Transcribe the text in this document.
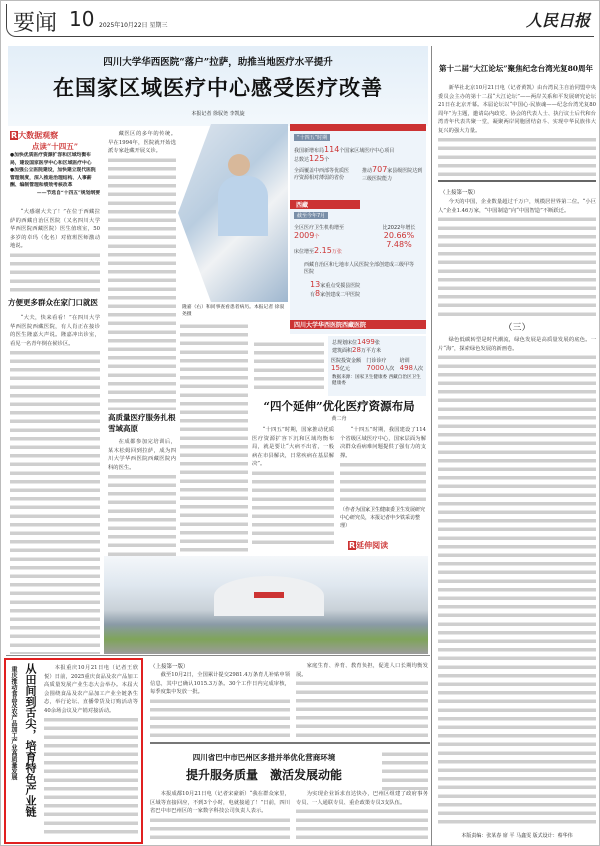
要闻 10 2025年10月22日 星期三	人民日报
四川大学华西医院“落户”拉萨，助推当地医疗水平提升
在国家区域医疗中心感受医疗改善
本报记者 徐驭尧 李凯旋
R大数据观察
点读“十四五”
●加快优质医疗资源扩容和区域均衡布局，建设国家医学中心和区域医疗中心
●加强公立医院建设，加快建立现代医院管理制度，深入推进治理结构、人事薪酬、编制管理和绩效考核改革
——节选自“十四五”规划纲要

“大感谢大夫了！”在位于西藏拉萨的西藏自治区医院（又名四川大学华西医院西藏医院）医生值班室，50多岁的卓玛（化名）对值班医师激动地说。

方便更多群众在家门口就医

“大夫，快来看看！”在四川大学华西医院西藏医院，有人肖正在接诊的医生隆嘉大声说。隆嘉冲出诊室，看见一名青年倒在候诊区。

藏医区的多年的传统。早在1994年，医院就开始选派专家赴藏开展义诊。

高质量医疗服务扎根雪域高原

在成都参加完培训后，某木松姆回到拉萨，成为四川大学华西医院西藏医院内科的医生。

隆嘉（右）和同事查看患者病历。本报记者 徐驭尧摄
“十四五”时期
我国新增布局114个国家区域医疗中心项目
总数达125个
全面覆盖中西部等优质医疗资源相对薄弱的省份
推动707家县级医院达到三级医院能力
西藏
截至今年7月
全区医疗卫生机构增至
2009个
床位增至2.15万张
比2022年增长
20.66%
7.48%
西藏自治区和七地市人民医院全部创建成三级甲等医院
13家重点受援县医院
有8家创建成二甲医院
四川大学华西医院西藏医院
总规划床位1499张
建筑面积28万平方米
医院投资金额
15亿元
门诊诊疗
7000人次
培训
498人次
数据来源：国家卫生健康委 西藏自治区卫生健康委
“四个延伸”优化医疗资源布局
黄二舟

“十四五”时期，国家推动优质医疗资源扩容下沉和区域均衡布局，就是要让“大病不出省，一般病在市县解决，日常疾病在基层解决”。

“十四五”时期，我国建设了114个省级区域医疗中心，国家层面为解决群众看病难问题提供了强有力的支撑。

（作者为国家卫生健康委卫生发展研究中心研究员，本报记者申少铁采访整理）
R延伸阅读
第十二届“大江论坛”聚焦纪念台湾光复80周年

新华社北京10月21日电（记者黄凯）由台湾民主自治同盟中央委员会主办的第十二届“大江论坛”——两岸关系和平发展研究论坛21日在北京开幕。本届论坛以“中国心·民族魂——纪念台湾光复80周年”为主题，邀请岛内政党、协会的代表人士、执行议士后代和台湾青年代表共聚一堂，凝聚两岸同胞团结奋斗、实现中华民族伟大复兴的强大力量。

（上接第一版）

今天的中国，企业数量超过千万户，规模居世界第二位。“小巨人”企业1.46万家，“中国制造”向“中国智造”不断跃迁。

（三）

绿色低碳转型是时代潮流，绿色发展是高质量发展的底色。一片“海”，探索绿色发展的新画卷。

本版责编：张某春 席 平 马鑫雯 版式设计：蔡华伟
重庆推动食品及农产品加工产业高质量发展 从田间到舌尖，培育特色产业链	本报重庆10月21日电（记者王欣悦）日前，2025重庆食品及农产品加工高质量发展产业生态大会举办。本届大会围绕食品及农产品加工产业全链条生态，举行论坛、直播带货及订购活动等40余场会议及产销对接活动。

（上接第一版）

截至10月2日，全国累计提交2981.4万条育儿补贴申领信息，其中已确认1015.3万条。30个工作日内完成审核，每季度集中发放一批。

家庭生育、养育、教育负担，促进人口长期均衡发展。

四川省巴中市巴州区多措并举优化营商环境
提升服务质量　激活发展动能

本报成都10月21日电（记者宋豪新）“我在群众家里，区域等直接回应，不到3个小时，电就接通了！”日前，四川省巴中市巴州区的一家数字科技公司负责人表示。

为实现企业诉求直达快办，巴州区组建了政府事务专员、一人通联专员、重企政策专员3支队伍。
